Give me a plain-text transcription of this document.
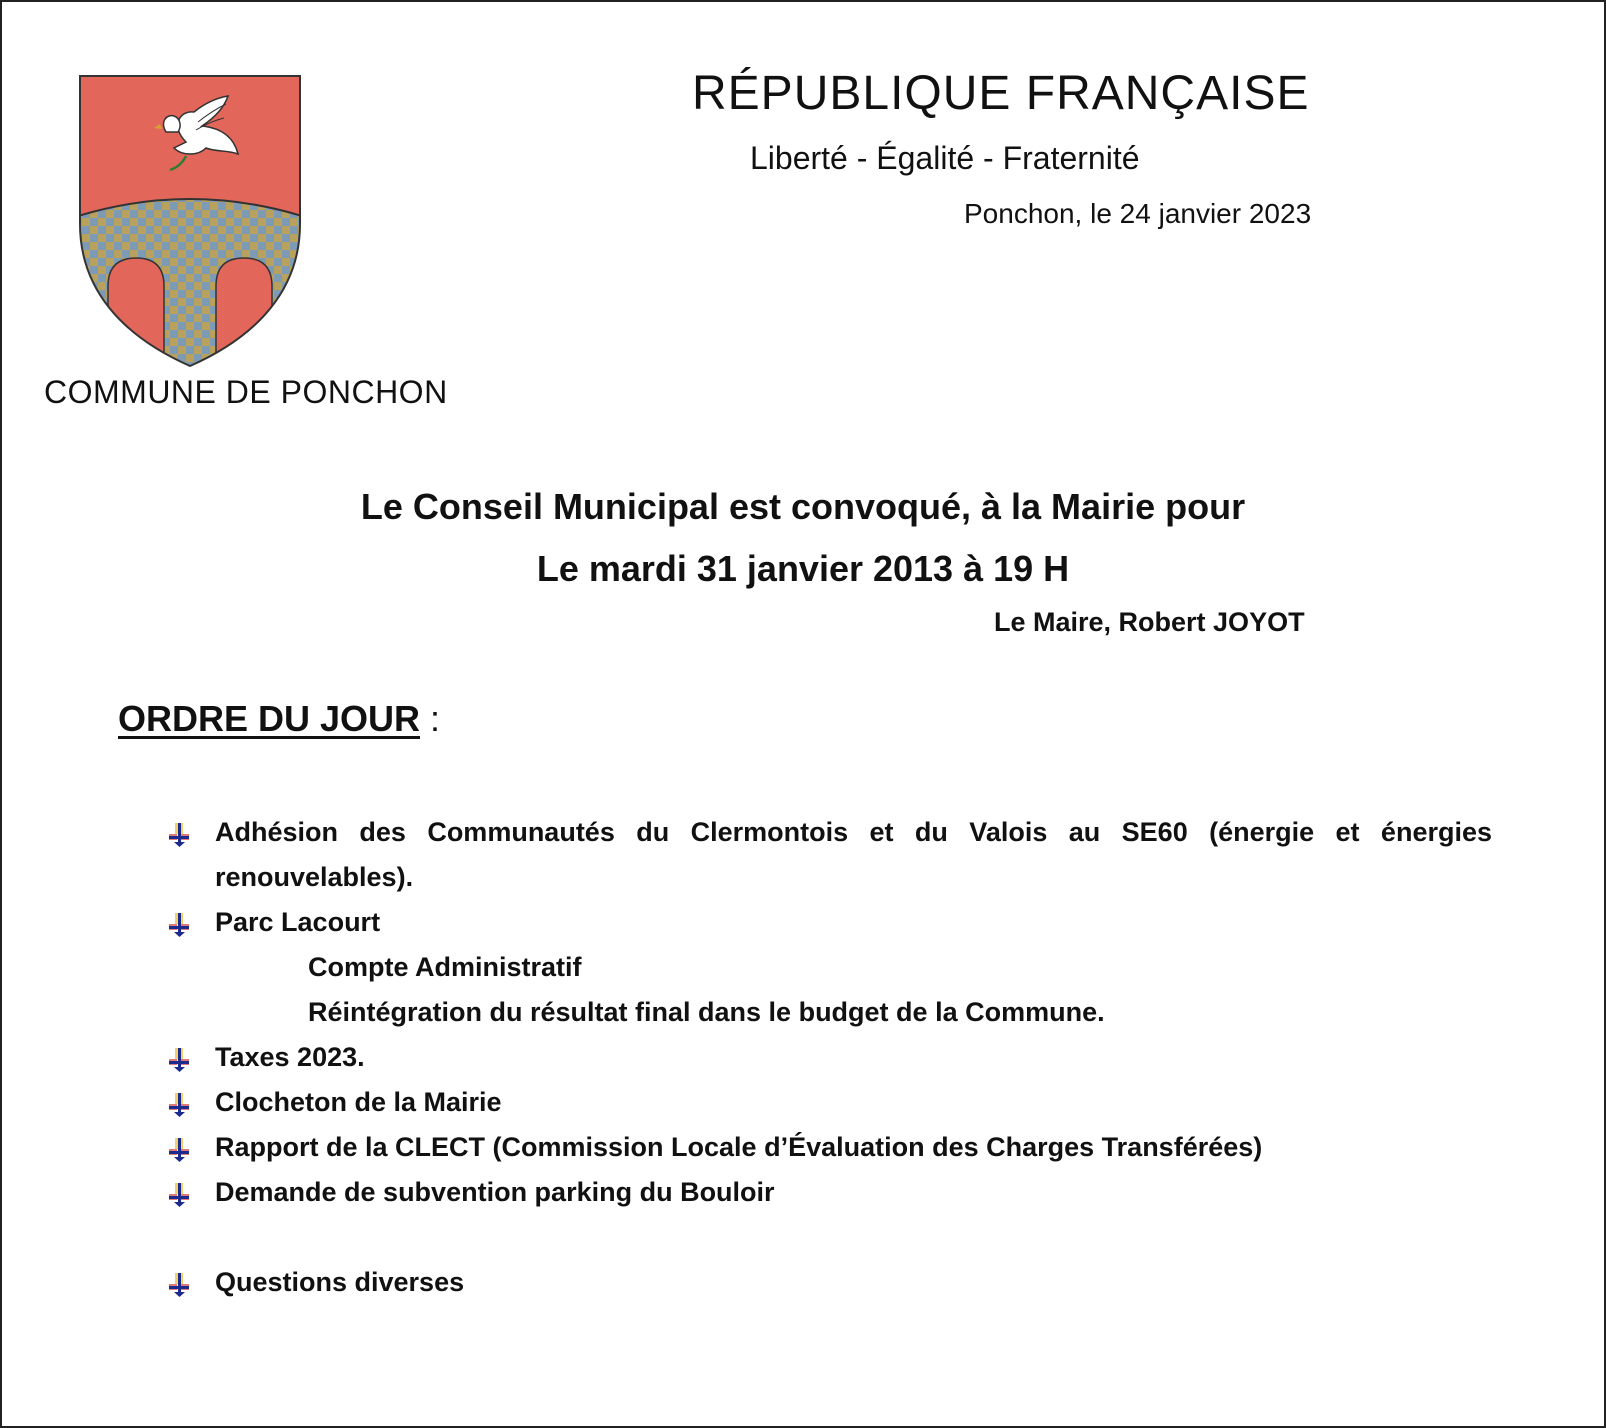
COMMUNE DE PONCHON
RÉPUBLIQUE FRANÇAISE
Liberté - Égalité - Fraternité
Ponchon, le 24 janvier 2023
Le Conseil Municipal est convoqué, à la Mairie pour
Le mardi 31 janvier 2013 à 19 H
Le Maire, Robert JOYOT
ORDRE DU JOUR :
Adhésion des Communautés du Clermontois et du Valois au SE60 (énergie et énergies renouvelables).
Parc Lacourt
Compte Administratif
Réintégration du résultat final dans le budget de la Commune.
Taxes 2023.
Clocheton de la Mairie
Rapport de la CLECT (Commission Locale d’Évaluation des Charges Transférées)
Demande de subvention parking du Bouloir
Questions diverses
